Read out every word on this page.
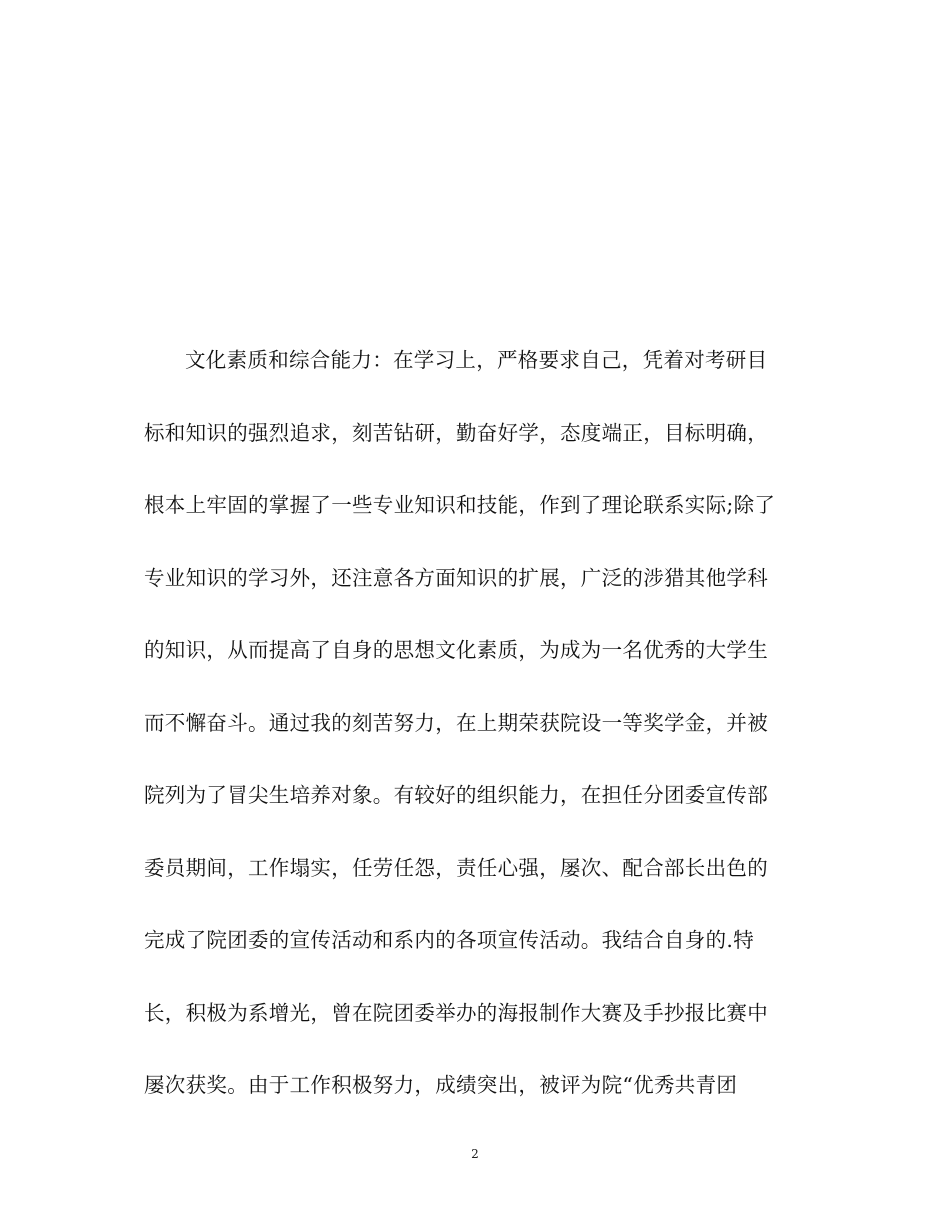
文化素质和综合能力：在学习上，严格要求自己，凭着对考研目
标和知识的强烈追求，刻苦钻研，勤奋好学，态度端正，目标明确，
根本上牢固的掌握了一些专业知识和技能，作到了理论联系实际;除了
专业知识的学习外，还注意各方面知识的扩展，广泛的涉猎其他学科
的知识，从而提高了自身的思想文化素质，为成为一名优秀的大学生
而不懈奋斗。通过我的刻苦努力，在上期荣获院设一等奖学金，并被
院列为了冒尖生培养对象。有较好的组织能力，在担任分团委宣传部
委员期间，工作塌实，任劳任怨，责任心强，屡次、配合部长出色的
完成了院团委的宣传活动和系内的各项宣传活动。我结合自身的.特
长，积极为系增光，曾在院团委举办的海报制作大赛及手抄报比赛中
屡次获奖。由于工作积极努力，成绩突出，被评为院“优秀共青团
2
